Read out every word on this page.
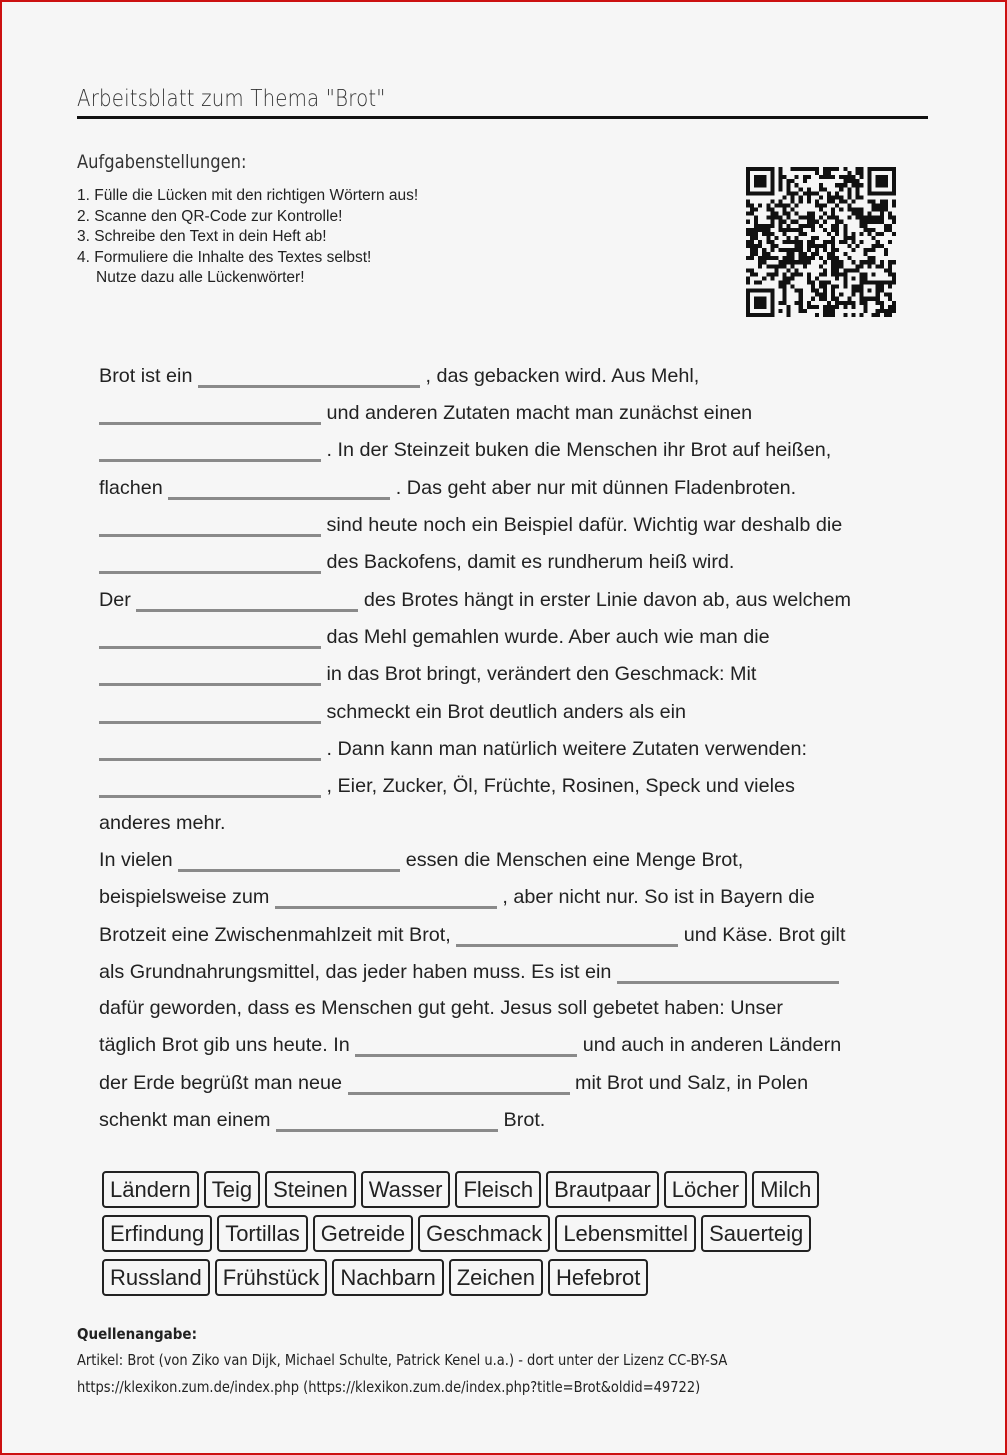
Arbeitsblatt zum Thema "Brot"
Aufgabenstellungen:
1. Fülle die Lücken mit den richtigen Wörtern aus!
2. Scanne den QR-Code zur Kontrolle!
3. Schreibe den Text in dein Heft ab!
4. Formuliere die Inhalte des Textes selbst!
Nutze dazu alle Lückenwörter!
Brot ist ein	, das gebacken wird. Aus Mehl,
und anderen Zutaten macht man zunächst einen
. In der Steinzeit buken die Menschen ihr Brot auf heißen,
flachen	. Das geht aber nur mit dünnen Fladenbroten.
sind heute noch ein Beispiel dafür. Wichtig war deshalb die
des Backofens, damit es rundherum heiß wird.
Der	des Brotes hängt in erster Linie davon ab, aus welchem
das Mehl gemahlen wurde. Aber auch wie man die
in das Brot bringt, verändert den Geschmack: Mit
schmeckt ein Brot deutlich anders als ein
. Dann kann man natürlich weitere Zutaten verwenden:
, Eier, Zucker, Öl, Früchte, Rosinen, Speck und vieles
anderes mehr.
In vielen	essen die Menschen eine Menge Brot,
beispielsweise zum	, aber nicht nur. So ist in Bayern die
Brotzeit eine Zwischenmahlzeit mit Brot,	und Käse. Brot gilt
als Grundnahrungsmittel, das jeder haben muss. Es ist ein
dafür geworden, dass es Menschen gut geht. Jesus soll gebetet haben: Unser
täglich Brot gib uns heute. In	und auch in anderen Ländern
der Erde begrüßt man neue	mit Brot und Salz, in Polen
schenkt man einem	Brot.
Ländern Teig Steinen Wasser Fleisch Brautpaar Löcher Milch
Erfindung Tortillas Getreide Geschmack Lebensmittel Sauerteig
Russland Frühstück Nachbarn Zeichen Hefebrot
Quellenangabe:
Artikel: Brot (von Ziko van Dijk, Michael Schulte, Patrick Kenel u.a.) - dort unter der Lizenz CC-BY-SA
https://klexikon.zum.de/index.php (https://klexikon.zum.de/index.php?title=Brot&oldid=49722)
